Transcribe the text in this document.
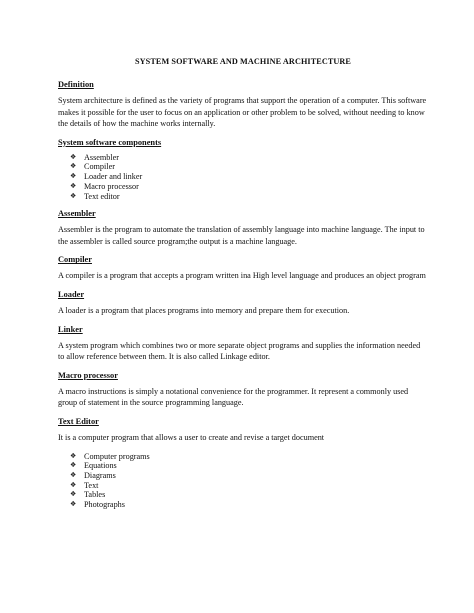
SYSTEM SOFTWARE AND MACHINE ARCHITECTURE
Definition

System architecture is defined as the variety of programs that support the operation of a computer. This software makes it possible for the user to focus on an application or other problem to be solved, without needing to know the details of how the machine works internally.

System software components
❖ Assembler
❖ Compiler
❖ Loader and linker
❖ Macro processor
❖ Text editor
Assembler

Assembler is the program to automate the translation of assembly language into machine language. The input to the assembler is called source program;the output is a machine language.

Compiler

A compiler is a program that accepts a program written ina High level language and produces an object program

Loader

A loader is a program that places programs into memory and prepare them for execution.

Linker

A system program which combines two or more separate object programs and supplies the information needed to allow reference between them. It is also called Linkage editor.

Macro processor

A macro instructions is simply a notational convenience for the programmer. It represent a commonly used group of statement in the source programming language.

Text Editor

It is a computer program that allows a user to create and revise a target document

❖ Computer programs
❖ Equations
❖ Diagrams
❖ Text
❖ Tables
❖ Photographs
